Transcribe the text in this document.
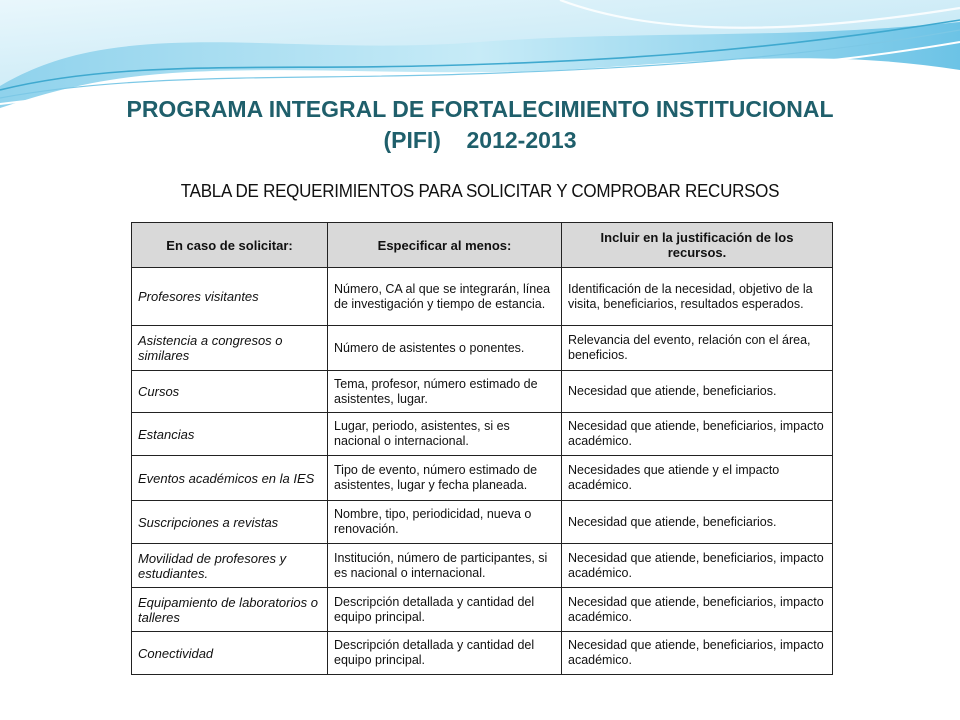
PROGRAMA INTEGRAL DE FORTALECIMIENTO INSTITUCIONAL
(PIFI)    2012-2013
TABLA DE REQUERIMIENTOS PARA SOLICITAR Y COMPROBAR RECURSOS
En caso de solicitar:	Especificar al menos:	Incluir en la justificación de los recursos.
Profesores visitantes	Número, CA al que se integrarán, línea de investigación y tiempo de estancia.	Identificación de la necesidad, objetivo de la visita, beneficiarios, resultados esperados.
Asistencia a congresos o similares	Número de asistentes o ponentes.	Relevancia del evento, relación con el área, beneficios.
Cursos	Tema, profesor, número estimado de asistentes, lugar.	Necesidad que atiende, beneficiarios.
Estancias	Lugar, periodo, asistentes, si es nacional o internacional.	Necesidad que atiende, beneficiarios, impacto académico.
Eventos académicos en la IES	Tipo de evento, número estimado de asistentes, lugar y fecha planeada.	Necesidades que atiende y el impacto académico.
Suscripciones a revistas	Nombre, tipo, periodicidad, nueva o renovación.	Necesidad que atiende, beneficiarios.
Movilidad de profesores y estudiantes.	Institución, número de participantes, si es nacional o internacional.	Necesidad que atiende, beneficiarios, impacto académico.
Equipamiento de laboratorios o talleres	Descripción detallada y cantidad del equipo principal.	Necesidad que atiende, beneficiarios, impacto académico.
Conectividad	Descripción detallada y cantidad del equipo principal.	Necesidad que atiende, beneficiarios, impacto académico.
